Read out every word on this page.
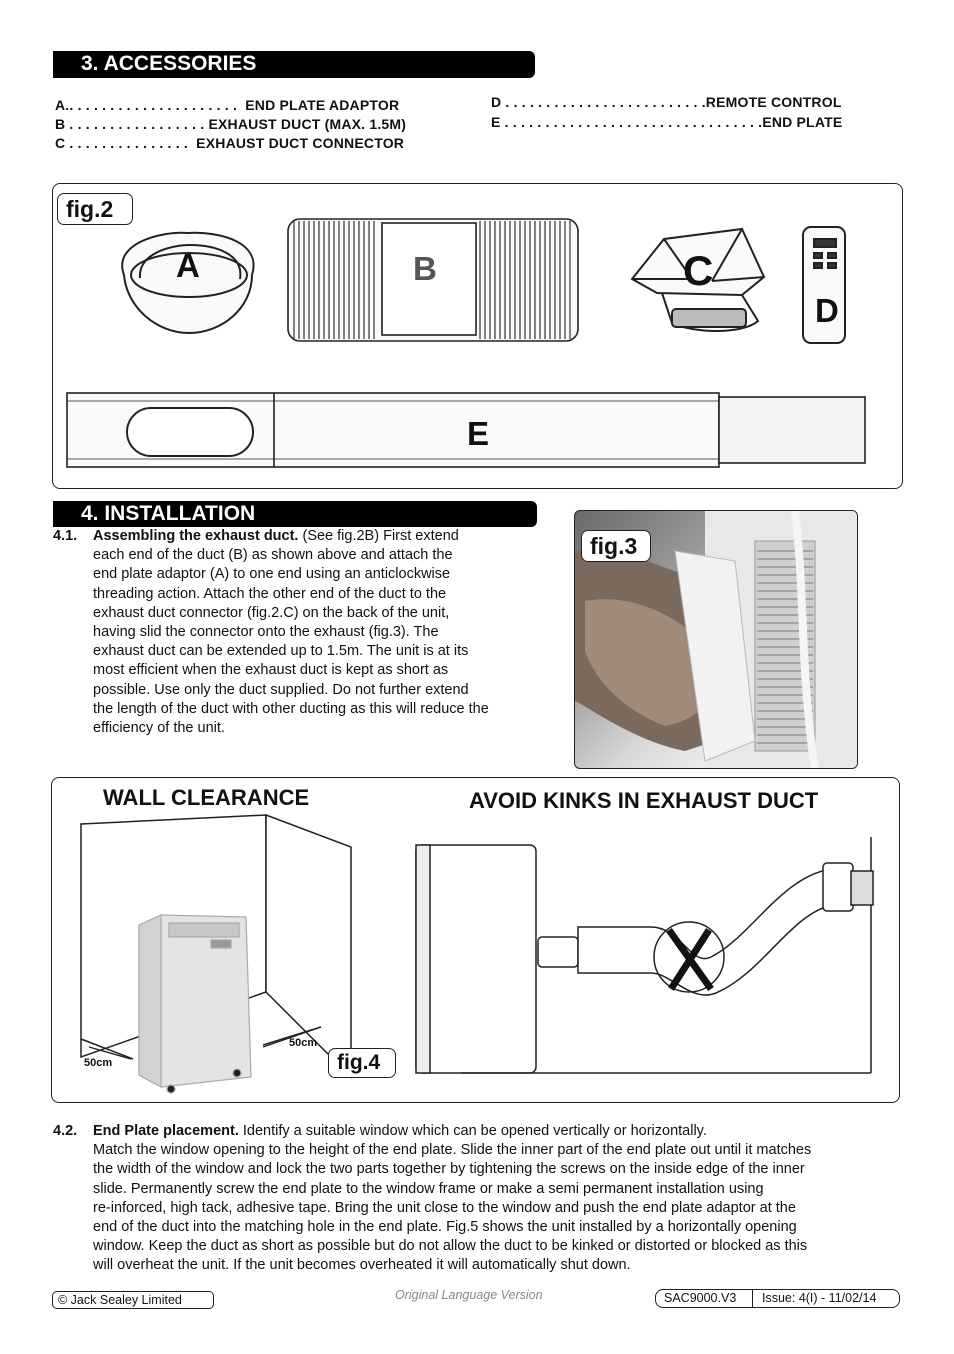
3. ACCESSORIES
A.. . . . . . . . . . . . . . . . . . . . .  END PLATE ADAPTOR
B . . . . . . . . . . . . . . . . . EXHAUST DUCT (MAX. 1.5M)
C . . . . . . . . . . . . . . .  EXHAUST DUCT CONNECTOR
D . . . . . . . . . . . . . . . . . . . . . . . . .REMOTE CONTROL
E . . . . . . . . . . . . . . . . . . . . . . . . . . . . . . . .END PLATE
fig.2
A	B	C
D
E
4. INSTALLATION
4.1. Assembling the exhaust duct. (See fig.2B) First extend
each end of the duct (B) as shown above and attach the
end plate adaptor (A) to one end using an anticlockwise
threading action. Attach the other end of the duct to the
exhaust duct connector (fig.2.C) on the back of the unit,
having slid the connector onto the exhaust (fig.3). The
exhaust duct can be extended up to 1.5m. The unit is at its
most efficient when the exhaust duct is kept as short as
possible. Use only the duct supplied. Do not further extend
the length of the duct with other ducting as this will reduce the
efficiency of the unit.
fig.3
WALL CLEARANCE	AVOID KINKS IN EXHAUST DUCT
50cm
50cm
fig.4
4.2. End Plate placement. Identify a suitable window which can be opened vertically or horizontally.
Match the window opening to the height of the end plate. Slide the inner part of the end plate out until it matches
the width of the window and lock the two parts together by tightening the screws on the inside edge of the inner
slide. Permanently screw the end plate to the window frame or make a semi permanent installation using
re-inforced, high tack, adhesive tape. Bring the unit close to the window and push the end plate adaptor at the
end of the duct into the matching hole in the end plate. Fig.5 shows the unit installed by a horizontally opening
window. Keep the duct as short as possible but do not allow the duct to be kinked or distorted or blocked as this
will overheat the unit. If the unit becomes overheated it will automatically shut down.
© Jack Sealey Limited	Original Language Version	SAC9000.V3	Issue: 4(I) - 11/02/14
